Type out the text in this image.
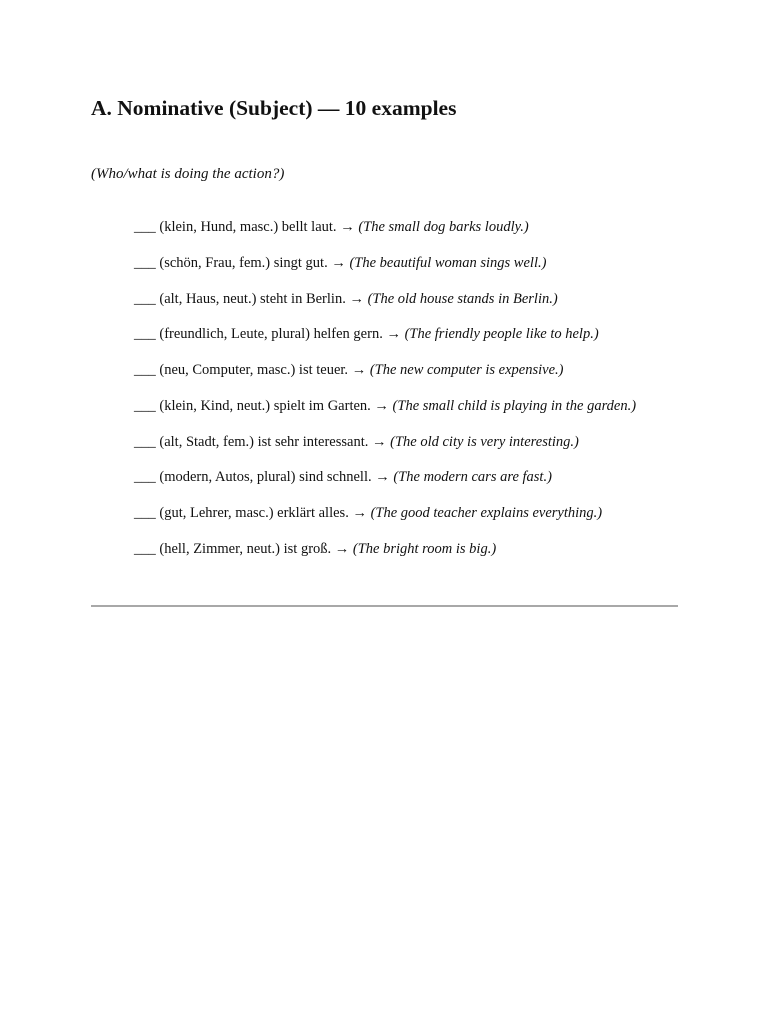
A. Nominative (Subject) — 10 examples

(Who/what is doing the action?)

___ (klein, Hund, masc.) bellt laut. → (The small dog barks loudly.)
___ (schön, Frau, fem.) singt gut. → (The beautiful woman sings well.)
___ (alt, Haus, neut.) steht in Berlin. → (The old house stands in Berlin.)
___ (freundlich, Leute, plural) helfen gern. → (The friendly people like to help.)
___ (neu, Computer, masc.) ist teuer. → (The new computer is expensive.)
___ (klein, Kind, neut.) spielt im Garten. → (The small child is playing in the garden.)
___ (alt, Stadt, fem.) ist sehr interessant. → (The old city is very interesting.)
___ (modern, Autos, plural) sind schnell. → (The modern cars are fast.)
___ (gut, Lehrer, masc.) erklärt alles. → (The good teacher explains everything.)
___ (hell, Zimmer, neut.) ist groß. → (The bright room is big.)
